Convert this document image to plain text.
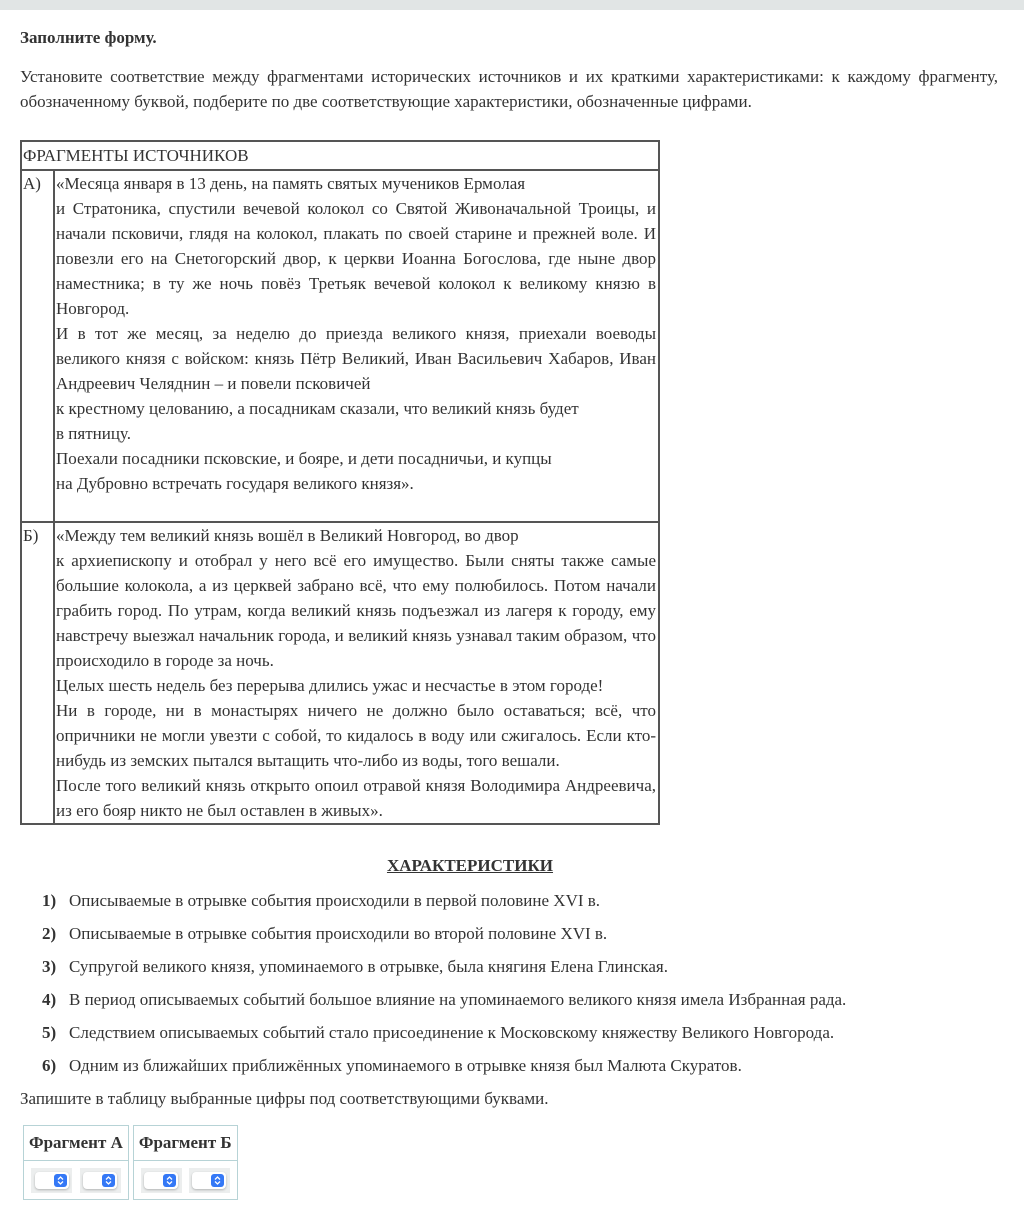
Заполните форму.
Установите соответствие между фрагментами исторических источников и их краткими характеристиками: к каждому фрагменту, обозначенному буквой, подберите по две соответствующие характеристики, обозначенные цифрами.
ФРАГМЕНТЫ ИСТОЧНИКОВ	
А)	«Месяца января в 13 день, на память святых мучеников Ермолая

и Стратоника, спустили вечевой колокол со Святой Живоначальной Троицы, и начали псковичи, глядя на колокол, плакать по своей старине и прежней воле. И повезли его на Снетогорский двор, к церкви Иоанна Богослова, где ныне двор наместника; в ту же ночь повёз Третьяк вечевой колокол к великому князю в Новгород.

И в тот же месяц, за неделю до приезда великого князя, приехали воеводы великого князя с войском: князь Пётр Великий, Иван Васильевич Хабаров, Иван Андреевич Челяднин – и повели псковичей

к крестному целованию, а посадникам сказали, что великий князь будет

в пятницу.

Поехали посадники псковские, и бояре, и дети посадничьи, и купцы

на Дубровно встречать государя великого князя».

Б)	«Между тем великий князь вошёл в Великий Новгород, во двор

к архиепископу и отобрал у него всё его имущество. Были сняты также самые большие колокола, а из церквей забрано всё, что ему полюбилось. Потом начали грабить город. По утрам, когда великий князь подъезжал из лагеря к городу, ему навстречу выезжал начальник города, и великий князь узнавал таким образом, что происходило в городе за ночь.

Целых шесть недель без перерыва длились ужас и несчастье в этом городе!

Ни в городе, ни в монастырях ничего не должно было оставаться; всё, что опричники не могли увезти с собой, то кидалось в воду или сжигалось. Если кто-нибудь из земских пытался вытащить что-либо из воды, того вешали.

После того великий князь открыто опоил отравой князя Володимира Андреевича, из его бояр никто не был оставлен в живых».

ХАРАКТЕРИСТИКИ
1) Описываемые в отрывке события происходили в первой половине XVI в.
2) Описываемые в отрывке события происходили во второй половине XVI в.
3) Супругой великого князя, упоминаемого в отрывке, была княгиня Елена Глинская.
4) В период описываемых событий большое влияние на упоминаемого великого князя имела Избранная рада.
5) Следствием описываемых событий стало присоединение к Московскому княжеству Великого Новгорода.
6) Одним из ближайших приближённых упоминаемого в отрывке князя был Малюта Скуратов.
Запишите в таблицу выбранные цифры под соответствующими буквами.
Фрагмент А Фрагмент Б
